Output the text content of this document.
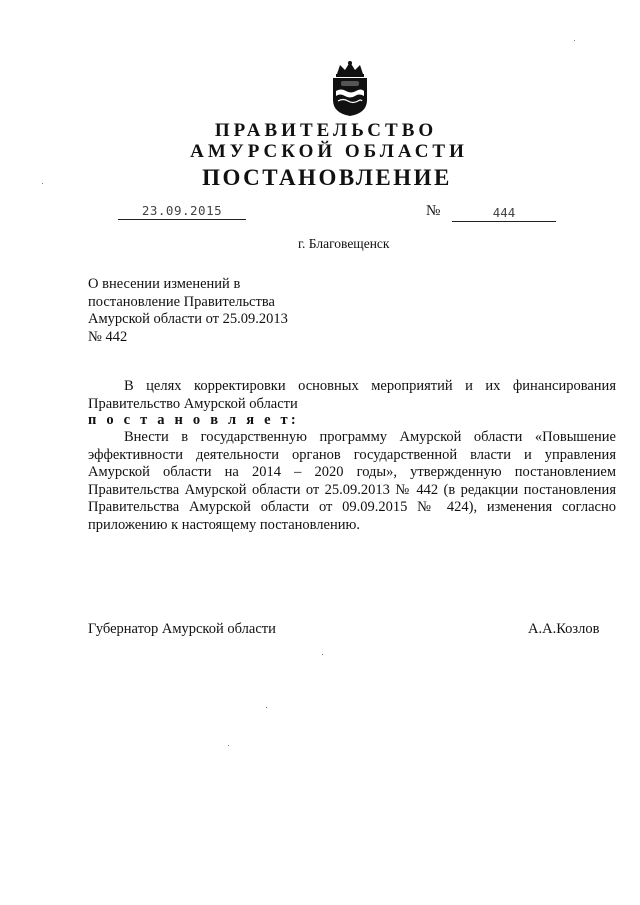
ПРАВИТЕЛЬСТВО
АМУРСКОЙ ОБЛАСТИ
ПОСТАНОВЛЕНИЕ
23.09.2015	№	444
г. Благовещенск
О внесении изменений в
постановление Правительства
Амурской области от 25.09.2013
№ 442
В целях корректировки основных мероприятий и их финансирования Правительство Амурской области
п о с т а н о в л я е т:
Внести в государственную программу Амурской области «Повышение эффективности деятельности органов государственной власти и управления Амурской области на 2014 – 2020 годы», утвержденную постановлением Правительства Амурской области от 25.09.2013 № 442 (в редакции постановления Правительства Амурской области от 09.09.2015 № 424), изменения согласно приложению к настоящему постановлению.
Губернатор Амурской области	А.А.Козлов
